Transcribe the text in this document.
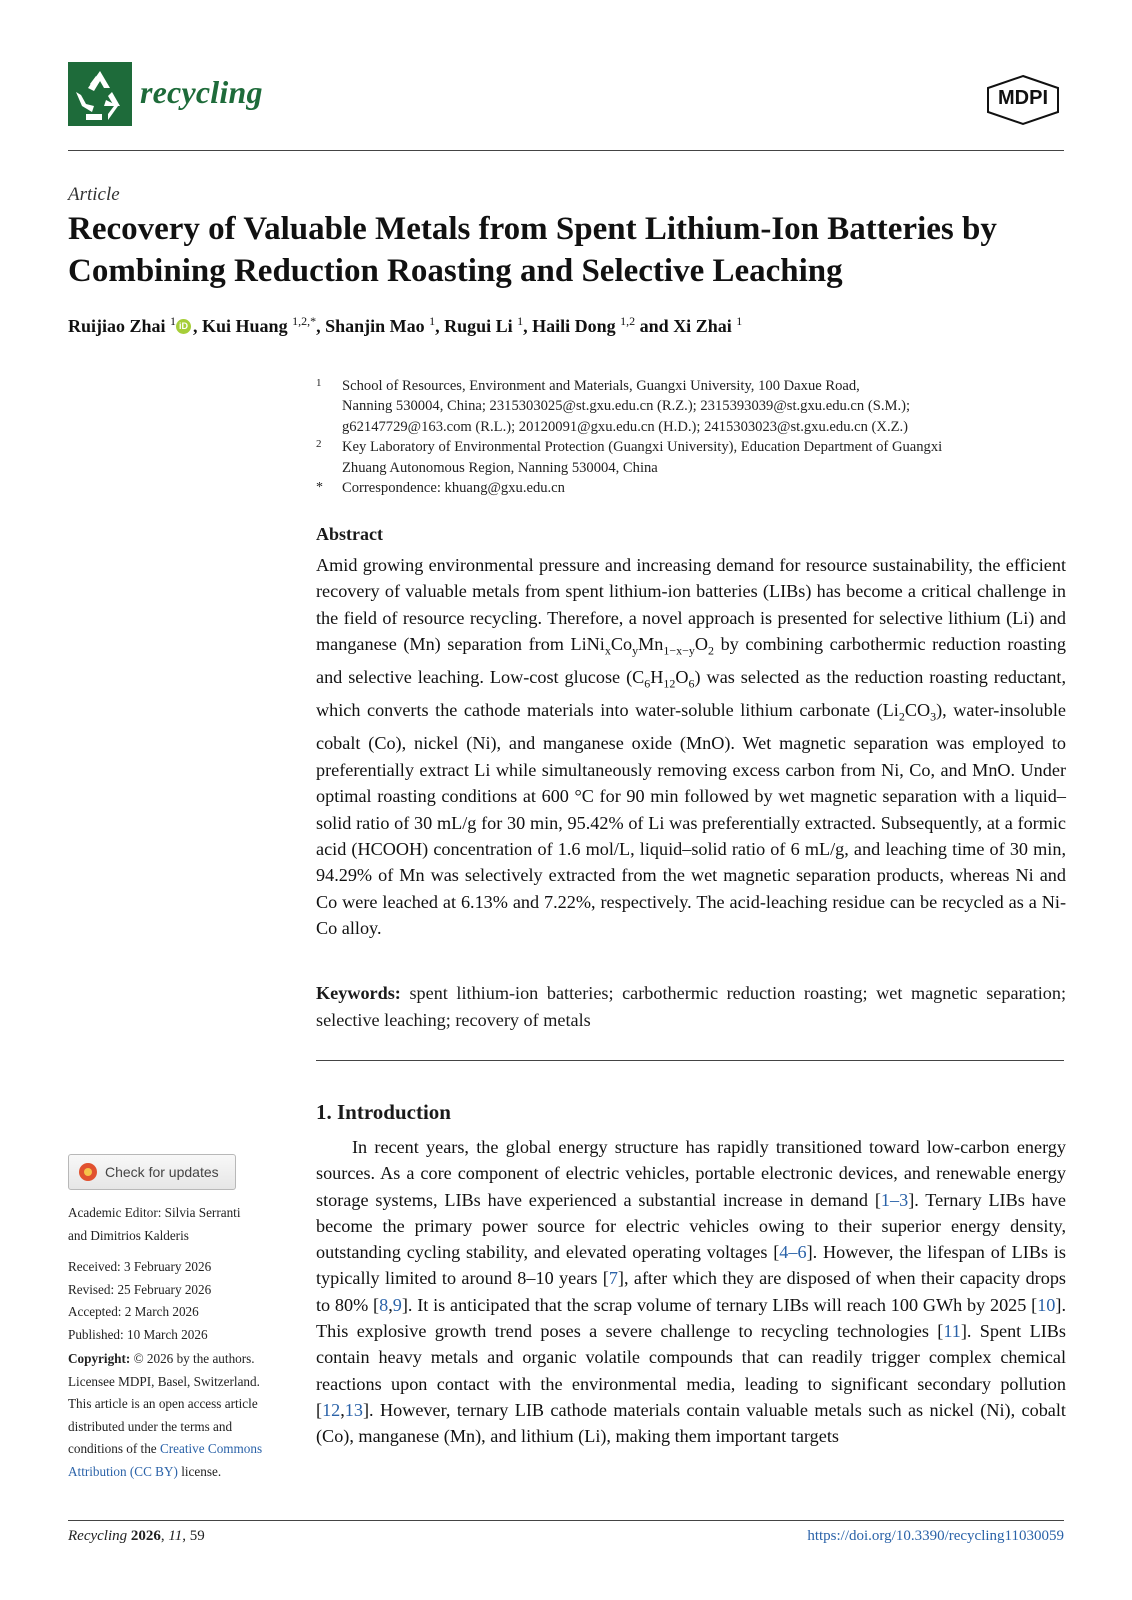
recycling	MDPI
Article
Recovery of Valuable Metals from Spent Lithium-Ion Batteries by Combining Reduction Roasting and Selective Leaching
Ruijiao Zhai $^1$ iD , Kui Huang $^{1,2,*}$, Shanjin Mao $^1$, Rugui Li $^1$, Haili Dong $^{1,2}$ and Xi Zhai $^1$
1 School of Resources, Environment and Materials, Guangxi University, 100 Daxue Road,
Nanning 530004, China; 2315303025@st.gxu.edu.cn (R.Z.); 2315393039@st.gxu.edu.cn (S.M.);
g62147729@163.com (R.L.); 20120091@gxu.edu.cn (H.D.); 2415303023@st.gxu.edu.cn (X.Z.)
2 Key Laboratory of Environmental Protection (Guangxi University), Education Department of Guangxi
Zhuang Autonomous Region, Nanning 530004, China
* Correspondence: khuang@gxu.edu.cn
Abstract
Amid growing environmental pressure and increasing demand for resource sustainability, the efficient recovery of valuable metals from spent lithium-ion batteries (LIBs) has become a critical challenge in the field of resource recycling. Therefore, a novel approach is presented for selective lithium (Li) and manganese (Mn) separation from $LiNi_xCo_yMn_{1-x-y}O_2$ by combining carbothermic reduction roasting and selective leaching. Low-cost glucose $(C_6H_{12}O_6)$ was selected as the reduction roasting reductant, which converts the cathode materials into water-soluble lithium carbonate $(Li_2CO_3)$, water-insoluble cobalt (Co), nickel (Ni), and manganese oxide (MnO). Wet magnetic separation was employed to preferentially extract Li while simultaneously removing excess carbon from Ni, Co, and MnO. Under optimal roasting conditions at 600 °C for 90 min followed by wet magnetic separation with a liquid–solid ratio of 30 mL/g for 30 min, 95.42% of Li was preferentially extracted. Subsequently, at a formic acid (HCOOH) concentration of 1.6 mol/L, liquid–solid ratio of 6 mL/g, and leaching time of 30 min, 94.29% of Mn was selectively extracted from the wet magnetic separation products, whereas Ni and Co were leached at 6.13% and 7.22%, respectively. The acid-leaching residue can be recycled as a Ni-Co alloy.
Keywords: spent lithium-ion batteries; carbothermic reduction roasting; wet magnetic separation; selective leaching; recovery of metals
1. Introduction
In recent years, the global energy structure has rapidly transitioned toward low-carbon energy sources. As a core component of electric vehicles, portable electronic devices, and renewable energy storage systems, LIBs have experienced a substantial increase in demand [1–3]. Ternary LIBs have become the primary power source for electric vehicles owing to their superior energy density, outstanding cycling stability, and elevated operating voltages [4–6]. However, the lifespan of LIBs is typically limited to around 8–10 years [7], after which they are disposed of when their capacity drops to 80% [8,9]. It is anticipated that the scrap volume of ternary LIBs will reach 100 GWh by 2025 [10]. This explosive growth trend poses a severe challenge to recycling technologies [11]. Spent LIBs contain heavy metals and organic volatile compounds that can readily trigger complex chemical reactions upon contact with the environmental media, leading to significant secondary pollution [12,13]. However, ternary LIB cathode materials contain valuable metals such as nickel (Ni), cobalt (Co), manganese (Mn), and lithium (Li), making them important targets
Check for updates
Academic Editor: Silvia Serranti
and Dimitrios Kalderis
Received: 3 February 2026
Revised: 25 February 2026
Accepted: 2 March 2026
Published: 10 March 2026
Copyright: © 2026 by the authors.
Licensee MDPI, Basel, Switzerland.
This article is an open access article
distributed under the terms and
conditions of the Creative Commons
Attribution (CC BY) license.
Recycling 2026, 11, 59	https://doi.org/10.3390/recycling11030059
